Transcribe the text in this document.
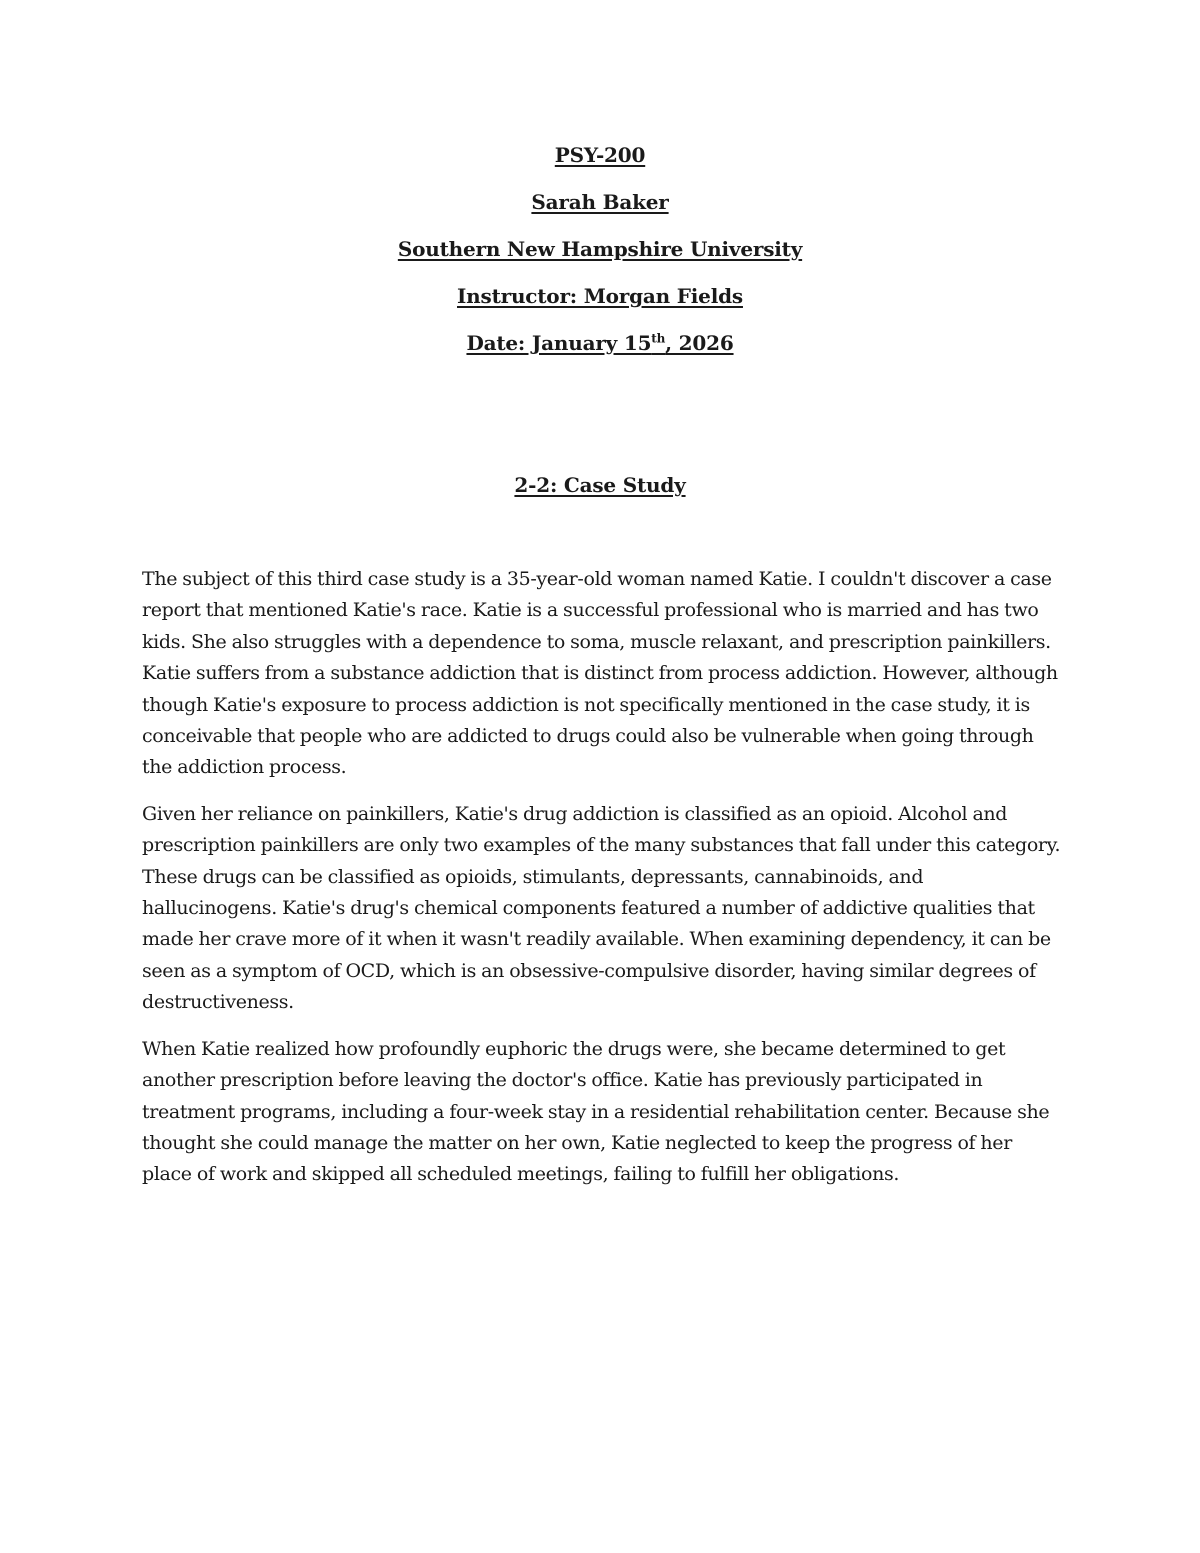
PSY-200

Sarah Baker

Southern New Hampshire University

Instructor: Morgan Fields

Date: January 15th, 2026

2-2: Case Study

The subject of this third case study is a 35-year-old woman named Katie. I couldn't discover a case report that mentioned Katie's race. Katie is a successful professional who is married and has two kids. She also struggles with a dependence to soma, muscle relaxant, and prescription painkillers. Katie suffers from a substance addiction that is distinct from process addiction. However, although though Katie's exposure to process addiction is not specifically mentioned in the case study, it is conceivable that people who are addicted to drugs could also be vulnerable when going through the addiction process.

Given her reliance on painkillers, Katie's drug addiction is classified as an opioid. Alcohol and prescription painkillers are only two examples of the many substances that fall under this category. These drugs can be classified as opioids, stimulants, depressants, cannabinoids, and hallucinogens. Katie's drug's chemical components featured a number of addictive qualities that made her crave more of it when it wasn't readily available. When examining dependency, it can be seen as a symptom of OCD, which is an obsessive-compulsive disorder, having similar degrees of destructiveness.

When Katie realized how profoundly euphoric the drugs were, she became determined to get another prescription before leaving the doctor's office. Katie has previously participated in treatment programs, including a four-week stay in a residential rehabilitation center. Because she thought she could manage the matter on her own, Katie neglected to keep the progress of her place of work and skipped all scheduled meetings, failing to fulfill her obligations.
